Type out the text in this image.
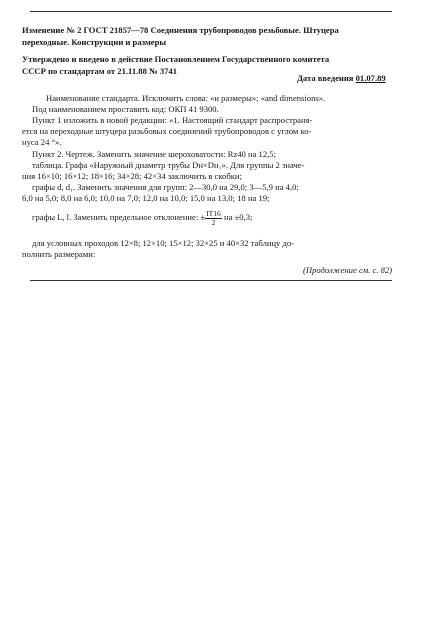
Изменение № 2 ГОСТ 21857—78 Соединения трубопроводов резьбовые. Штуцера
переходные. Конструкции и размеры
Утверждено и введено в действие Постановлением Государственного комитета
СССР по стандартам от 21.11.88 № 3741
Дата введения 01.07.89
Наименование стандарта. Исключить слова: «и размеры»; «and dimensions».
Под наименованием проставить код: ОКП 41 9300.
Пункт 1 изложить в новой редакции: «1. Настоящий стандарт распространя-
ется на переходные штуцера разьбовых соединений трубопроводов с углом ко-
нуса 24 °».
Пункт 2. Чертеж. Заменить значение шероховатости: Rz40 на 12,5;
таблица. Графа «Наружный диаметр трубы Dн×Dн₁». Для группы 2 значе-
ния 16×10; 16×12; 18×16; 34×28; 42×34 заключить в скобки;
графы d, d₁. Заменить значения для групп: 2—30,0 на 29,0; 3—5,9 на 4,0;
6,0 на 5,0; 8,0 на 6,0; 10,0 на 7,0; 12,0 на 10,0; 15,0 на 13,0; 18 на 19;
графы L, l. Заменить предельное отклонение: ± $\frac{IT16}{2}$ на ±0,3;
для условных проходов 12×8; 12×10; 15×12; 32×25 и 40×32 таблицу до-
полнить размерами:
(Продолжение см. с. 82)
